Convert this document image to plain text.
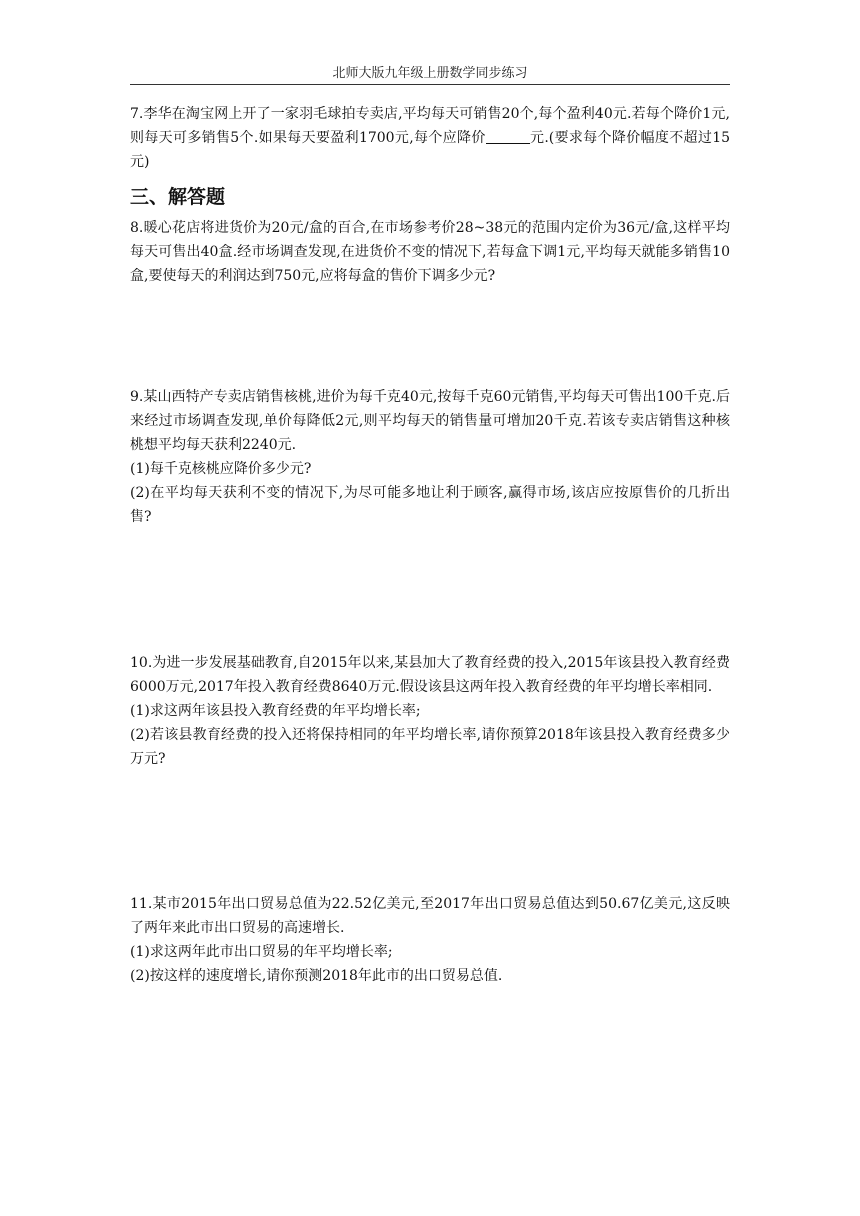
北师大版九年级上册数学同步练习

7.李华在淘宝网上开了一家羽毛球拍专卖店,平均每天可销售20个,每个盈利40元.若每个降价1元,则每天可多销售5个.如果每天要盈利1700元,每个应降价	元.(要求每个降价幅度不超过15元)

三、解答题

8.暖心花店将进货价为20元/盒的百合,在市场参考价28~38元的范围内定价为36元/盒,这样平均每天可售出40盒.经市场调查发现,在进货价不变的情况下,若每盒下调1元,平均每天就能多销售10盒,要使每天的利润达到750元,应将每盒的售价下调多少元?

9.某山西特产专卖店销售核桃,进价为每千克40元,按每千克60元销售,平均每天可售出100千克.后来经过市场调查发现,单价每降低2元,则平均每天的销售量可增加20千克.若该专卖店销售这种核桃想平均每天获利2240元.

(1)每千克核桃应降价多少元?

(2)在平均每天获利不变的情况下,为尽可能多地让利于顾客,赢得市场,该店应按原售价的几折出售?

10.为进一步发展基础教育,自2015年以来,某县加大了教育经费的投入,2015年该县投入教育经费6000万元,2017年投入教育经费8640万元.假设该县这两年投入教育经费的年平均增长率相同.

(1)求这两年该县投入教育经费的年平均增长率;

(2)若该县教育经费的投入还将保持相同的年平均增长率,请你预算2018年该县投入教育经费多少万元?

11.某市2015年出口贸易总值为22.52亿美元,至2017年出口贸易总值达到50.67亿美元,这反映了两年来此市出口贸易的高速增长.

(1)求这两年此市出口贸易的年平均增长率;

(2)按这样的速度增长,请你预测2018年此市的出口贸易总值.
